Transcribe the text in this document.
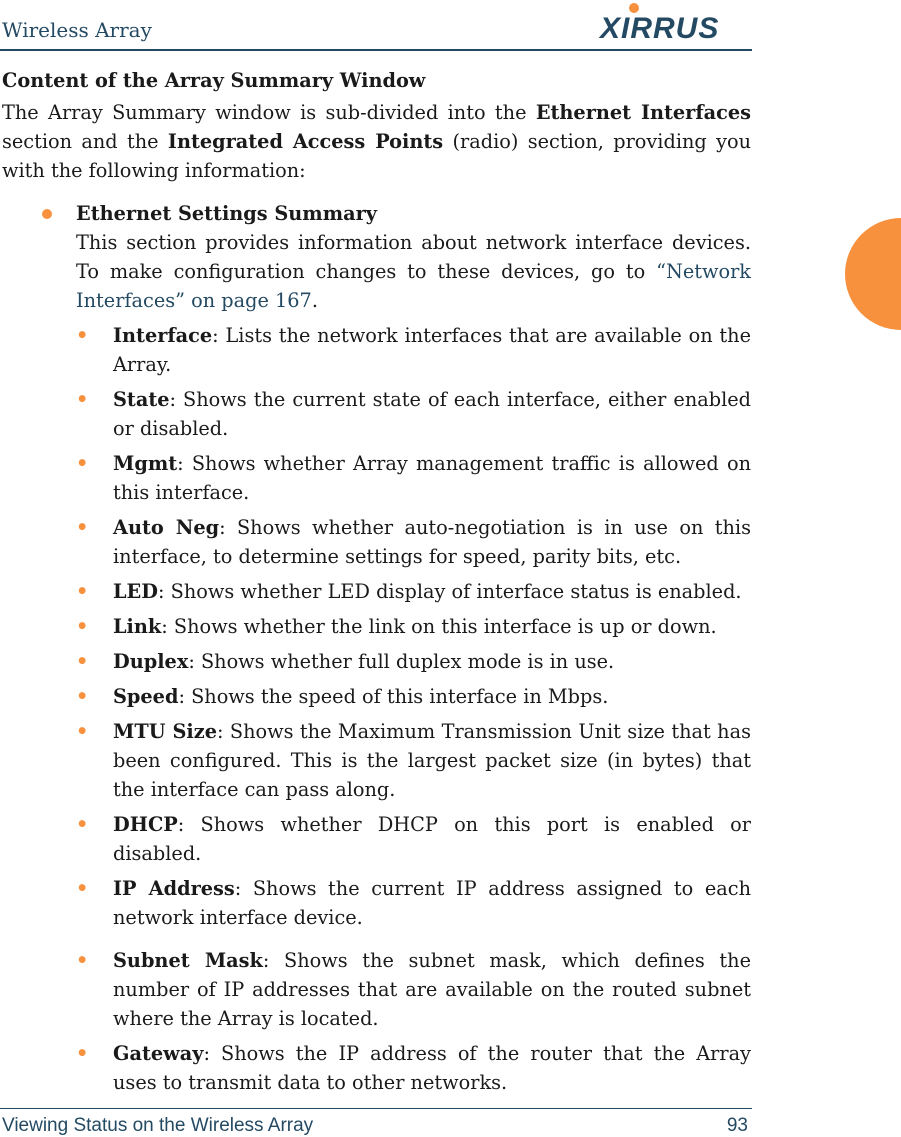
Wireless Array	XIRRUS
Content of the Array Summary Window

The Array Summary window is sub-divided into the Ethernet Interfaces section and the Integrated Access Points (radio) section, providing you with the following information:

Ethernet Settings Summary

This section provides information about network interface devices. To make configuration changes to these devices, go to “Network Interfaces” on page 167.

• Interface: Lists the network interfaces that are available on the Array.
• State: Shows the current state of each interface, either enabled or disabled.
• Mgmt: Shows whether Array management traffic is allowed on this interface.
• Auto Neg: Shows whether auto-negotiation is in use on this interface, to determine settings for speed, parity bits, etc.
• LED: Shows whether LED display of interface status is enabled.
• Link: Shows whether the link on this interface is up or down.
• Duplex: Shows whether full duplex mode is in use.
• Speed: Shows the speed of this interface in Mbps.
• MTU Size: Shows the Maximum Transmission Unit size that has been configured. This is the largest packet size (in bytes) that the interface can pass along.
• DHCP: Shows whether DHCP on this port is enabled or disabled.
• IP Address: Shows the current IP address assigned to each network interface device.
• Subnet Mask: Shows the subnet mask, which defines the number of IP addresses that are available on the routed subnet where the Array is located.
• Gateway: Shows the IP address of the router that the Array uses to transmit data to other networks.
Viewing Status on the Wireless Array	93
